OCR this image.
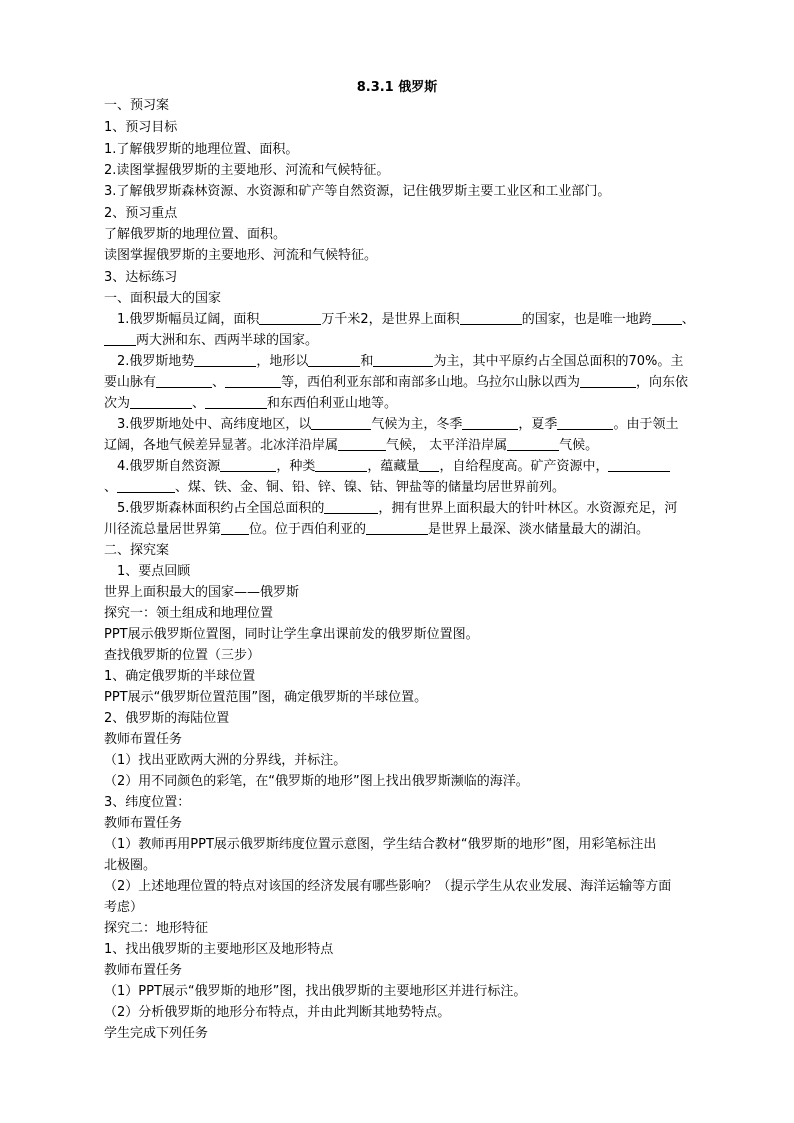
8.3.1 俄罗斯
一、预习案
1、预习目标
1.了解俄罗斯的地理位置、面积。
2.读图掌握俄罗斯的主要地形、河流和气候特征。
3.了解俄罗斯森林资源、水资源和矿产等自然资源，记住俄罗斯主要工业区和工业部门。
2、预习重点
了解俄罗斯的地理位置、面积。
读图掌握俄罗斯的主要地形、河流和气候特征。
3、达标练习
一、面积最大的国家
1.俄罗斯幅员辽阔，面积	万千米2，是世界上面积	的国家，也是唯一地跨 、
两大洲和东、西两半球的国家。
2.俄罗斯地势	，地形以	和	为主，其中平原约占全国总面积的70%。主
要山脉有	、	等，西伯利亚东部和南部多山地。乌拉尔山脉以西为	，向东依
次为	、	和东西伯利亚山地等。
3.俄罗斯地处中、高纬度地区，以	气候为主，冬季	，夏季	。由于领土
辽阔，各地气候差异显著。北冰洋沿岸属	气候， 太平洋沿岸属	气候。
4.俄罗斯自然资源	，种类	，蕴藏量 ，自给程度高。矿产资源中，
、	、煤、铁、金、铜、铅、锌、镍、钴、钾盐等的储量均居世界前列。
5.俄罗斯森林面积约占全国总面积的	，拥有世界上面积最大的针叶林区。水资源充足，河
川径流总量居世界第 位。位于西伯利亚的	是世界上最深、淡水储量最大的湖泊。
二、探究案
1、要点回顾
世界上面积最大的国家——俄罗斯
探究一：领土组成和地理位置
PPT展示俄罗斯位置图，同时让学生拿出课前发的俄罗斯位置图。
查找俄罗斯的位置（三步）
1、确定俄罗斯的半球位置
PPT展示“俄罗斯位置范围”图，确定俄罗斯的半球位置。
2、俄罗斯的海陆位置
教师布置任务
（1）找出亚欧两大洲的分界线，并标注。
（2）用不同颜色的彩笔，在“俄罗斯的地形”图上找出俄罗斯濒临的海洋。
3、纬度位置：
教师布置任务
（1）教师再用PPT展示俄罗斯纬度位置示意图，学生结合教材“俄罗斯的地形”图，用彩笔标注出
北极圈。
（2）上述地理位置的特点对该国的经济发展有哪些影响？（提示学生从农业发展、海洋运输等方面
考虑）
探究二：地形特征
1、找出俄罗斯的主要地形区及地形特点
教师布置任务
（1）PPT展示“俄罗斯的地形”图，找出俄罗斯的主要地形区并进行标注。
（2）分析俄罗斯的地形分布特点，并由此判断其地势特点。
学生完成下列任务
